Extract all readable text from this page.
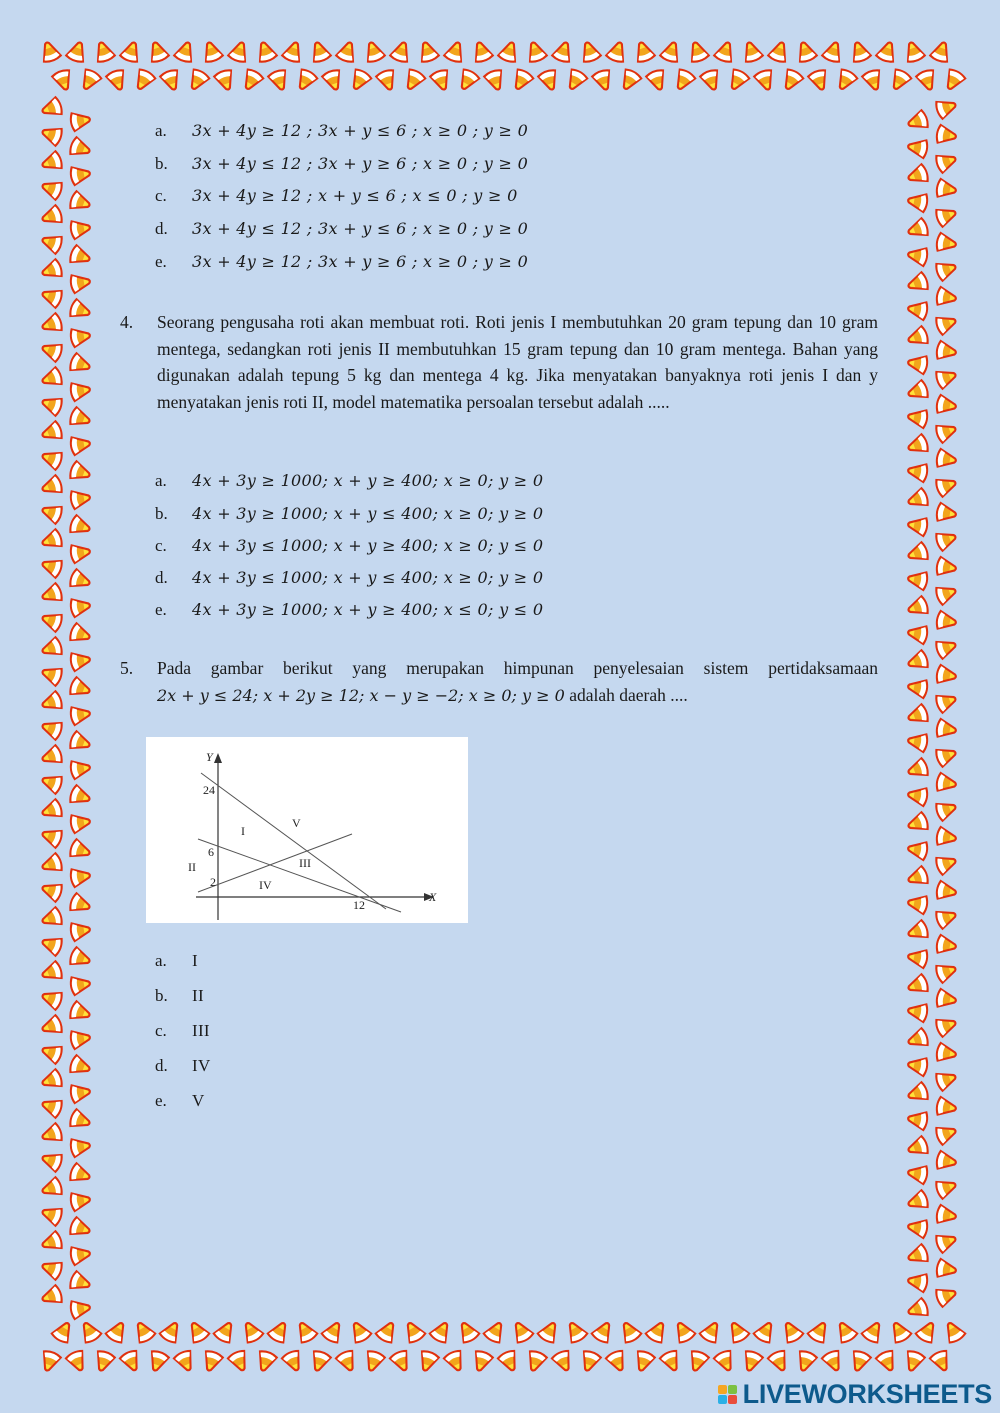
a. 3x + 4y ≥ 12 ; 3x + y ≤ 6 ; x ≥ 0 ; y ≥ 0
b. 3x + 4y ≤ 12 ; 3x + y ≥ 6 ; x ≥ 0 ; y ≥ 0
c. 3x + 4y ≥ 12 ; x + y ≤ 6 ; x ≤ 0 ; y ≥ 0
d. 3x + 4y ≤ 12 ; 3x + y ≤ 6 ; x ≥ 0 ; y ≥ 0
e. 3x + 4y ≥ 12 ; 3x + y ≥ 6 ; x ≥ 0 ; y ≥ 0
4. Seorang pengusaha roti akan membuat roti. Roti jenis I membutuhkan 20 gram tepung dan 10 gram mentega, sedangkan roti jenis II membutuhkan 15 gram tepung dan 10 gram mentega. Bahan yang digunakan adalah tepung 5 kg dan mentega 4 kg. Jika menyatakan banyaknya roti jenis I dan y menyatakan jenis roti II, model matematika persoalan tersebut adalah .....
a. 4x + 3y ≥ 1000; x + y ≥ 400; x ≥ 0; y ≥ 0
b. 4x + 3y ≥ 1000; x + y ≤ 400; x ≥ 0; y ≥ 0
c. 4x + 3y ≤ 1000; x + y ≥ 400; x ≥ 0; y ≤ 0
d. 4x + 3y ≤ 1000; x + y ≤ 400; x ≥ 0; y ≥ 0
e. 4x + 3y ≥ 1000; x + y ≥ 400; x ≤ 0; y ≤ 0
5. Pada gambar berikut yang merupakan himpunan penyelesaian sistem pertidaksamaan
2x + y ≤ 24; x + 2y ≥ 12; x − y ≥ −2; x ≥ 0; y ≥ 0 adalah daerah ....
Y
X
24
6
2
12
I
II	III
IV
V
a. I
b. II
c. III
d. IV
e. V
LIVEWORKSHEETS
